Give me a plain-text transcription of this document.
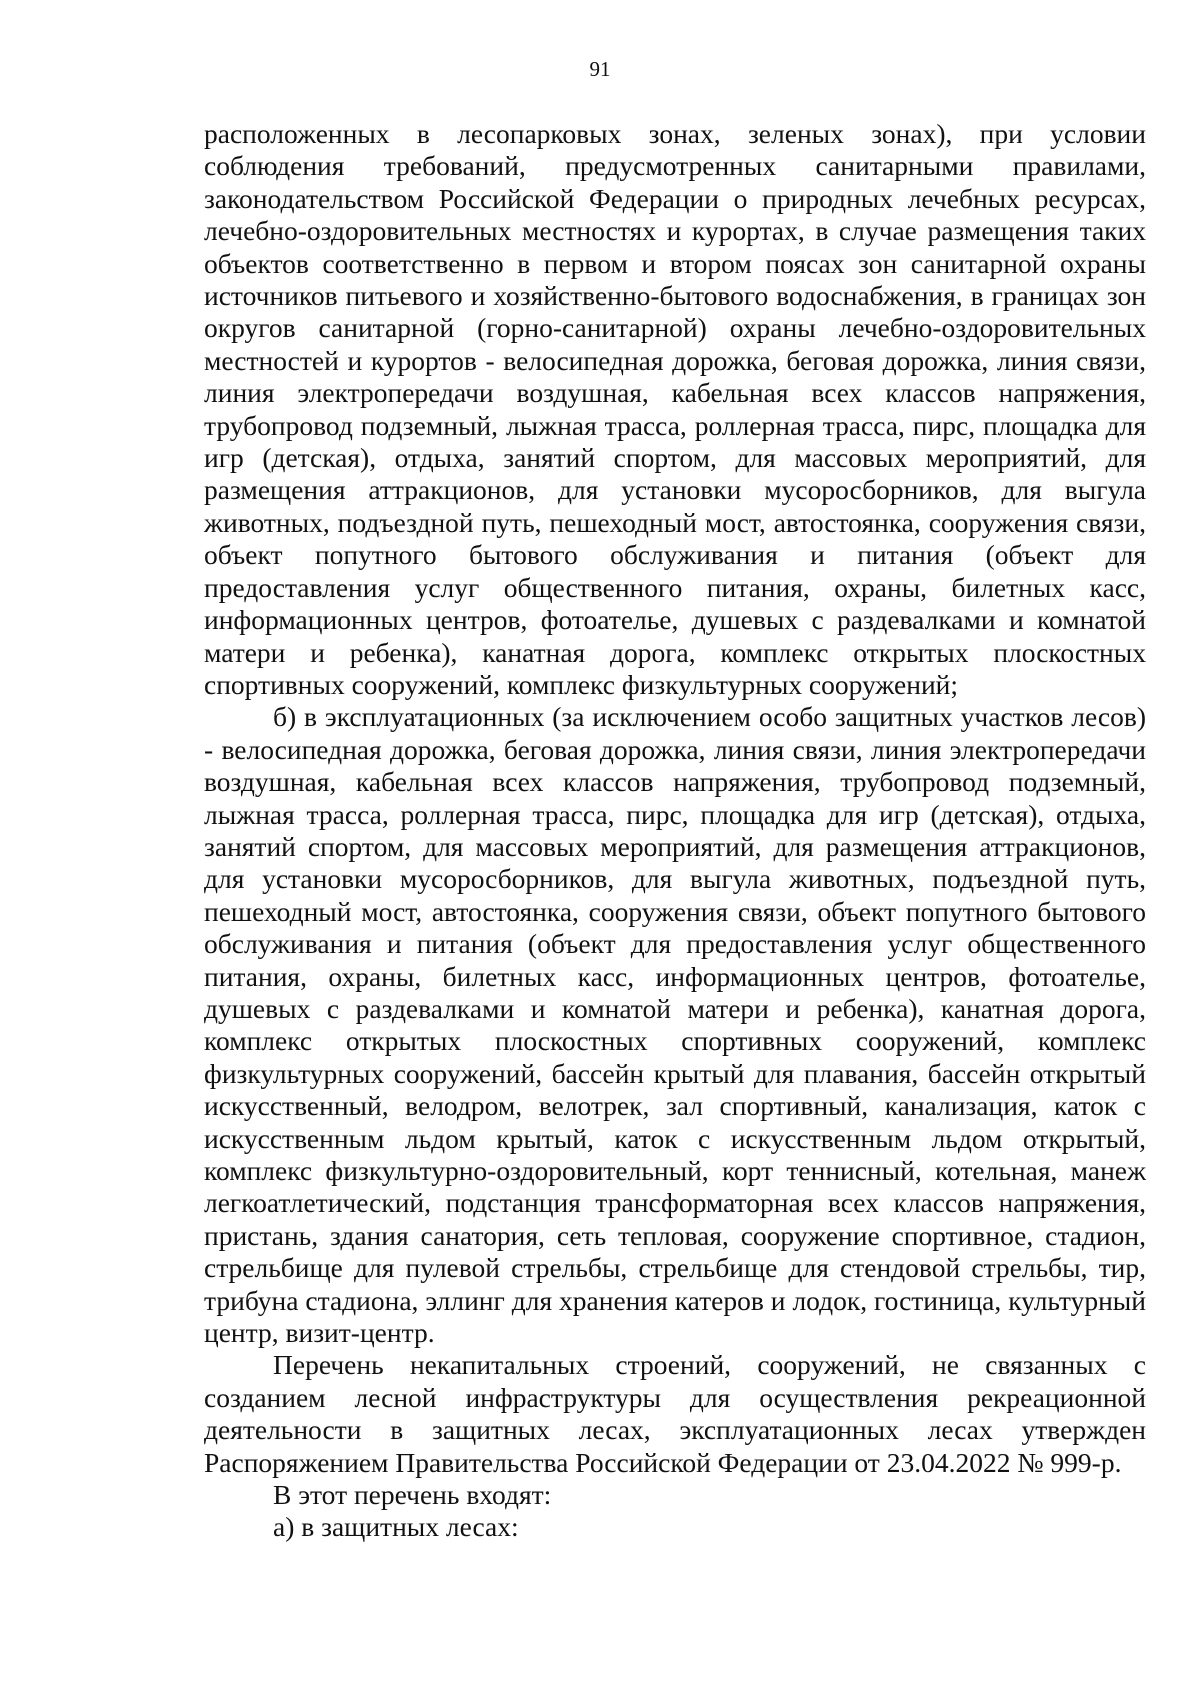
91

расположенных в лесопарковых зонах, зеленых зонах), при условии соблюдения требований, предусмотренных санитарными правилами, законодательством Российской Федерации о природных лечебных ресурсах, лечебно-оздоровительных местностях и курортах, в случае размещения таких объектов соответственно в первом и втором поясах зон санитарной охраны источников питьевого и хозяйственно-бытового водоснабжения, в границах зон округов санитарной (горно-санитарной) охраны лечебно-оздоровительных местностей и курортов - велосипедная дорожка, беговая дорожка, линия связи, линия электропередачи воздушная, кабельная всех классов напряжения, трубопровод подземный, лыжная трасса, роллерная трасса, пирс, площадка для игр (детская), отдыха, занятий спортом, для массовых мероприятий, для размещения аттракционов, для установки мусоросборников, для выгула животных, подъездной путь, пешеходный мост, автостоянка, сооружения связи, объект попутного бытового обслуживания и питания (объект для предоставления услуг общественного питания, охраны, билетных касс, информационных центров, фотоателье, душевых с раздевалками и комнатой матери и ребенка), канатная дорога, комплекс открытых плоскостных спортивных сооружений, комплекс физкультурных сооружений;

б) в эксплуатационных (за исключением особо защитных участков лесов) - велосипедная дорожка, беговая дорожка, линия связи, линия электропередачи воздушная, кабельная всех классов напряжения, трубопровод подземный, лыжная трасса, роллерная трасса, пирс, площадка для игр (детская), отдыха, занятий спортом, для массовых мероприятий, для размещения аттракционов, для установки мусоросборников, для выгула животных, подъездной путь, пешеходный мост, автостоянка, сооружения связи, объект попутного бытового обслуживания и питания (объект для предоставления услуг общественного питания, охраны, билетных касс, информационных центров, фотоателье, душевых с раздевалками и комнатой матери и ребенка), канатная дорога, комплекс открытых плоскостных спортивных сооружений, комплекс физкультурных сооружений, бассейн крытый для плавания, бассейн открытый искусственный, велодром, велотрек, зал спортивный, канализация, каток с искусственным льдом крытый, каток с искусственным льдом открытый, комплекс физкультурно-оздоровительный, корт теннисный, котельная, манеж легкоатлетический, подстанция трансформаторная всех классов напряжения, пристань, здания санатория, сеть тепловая, сооружение спортивное, стадион, стрельбище для пулевой стрельбы, стрельбище для стендовой стрельбы, тир, трибуна стадиона, эллинг для хранения катеров и лодок, гостиница, культурный центр, визит-центр.

Перечень некапитальных строений, сооружений, не связанных с созданием лесной инфраструктуры для осуществления рекреационной деятельности в защитных лесах, эксплуатационных лесах утвержден Распоряжением Правительства Российской Федерации от 23.04.2022 № 999-р.

В этот перечень входят:

а) в защитных лесах:
